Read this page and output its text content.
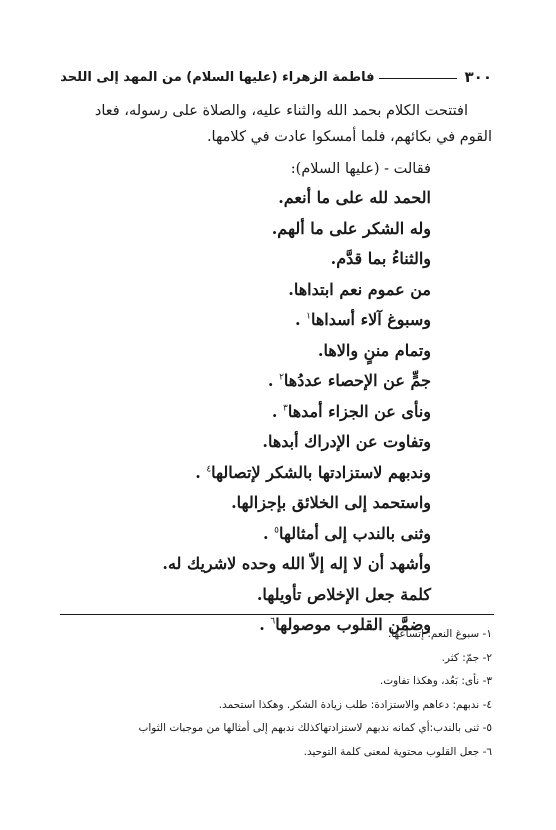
٣٠٠
فاطمة الزهراء (عليها السلام) من المهد إلى اللحد

افتتحت الكلام بحمد الله والثناء عليه، والصلاة على رسوله، فعاد

القوم في بكائهم، فلما أمسكوا عادت في كلامها.

فقالت - (عليها السلام):
الحمد لله على ما أنعم.
وله الشكر على ما ألهم.
والثناءُ بما قدَّم.
من عموم نعم ابتداها.
وسبوغ آلاء أسداها$^١$ .
وتمام مننٍ والاها.
جمٍّ عن الإحصاء عددُها$^٢$ .
ونأى عن الجزاء أمدها$^٣$ .
وتفاوت عن الإدراك أبدها.
وندبهم لاستزادتها بالشكر لإتصالها$^٤$ .
واستحمد إلى الخلائق بإجزالها.
وثنى بالندب إلى أمثالها$^٥$ .
وأشهد أن لا إله إلاّ الله وحده لاشريك له.
كلمة جعل الإخلاص تأويلها.
وضمَّن القلوب موصولها$^٦$ .	١- سبوغ النعم: إتساعها.
٢- جمّ: كثر.
٣- نأى: بَعُد، وهكذا تفاوت.
٤- ندبهم: دعاهم والاستزادة: طلب زيادة الشكر. وهكذا استحمد.
٥- ثنى بالندب:أي كمانه ندبهم لاستزادتهاكذلك ندبهم إلى أمثالها من موجبات الثواب
٦- جعل القلوب محتوية لمعنى كلمة التوحيد.
